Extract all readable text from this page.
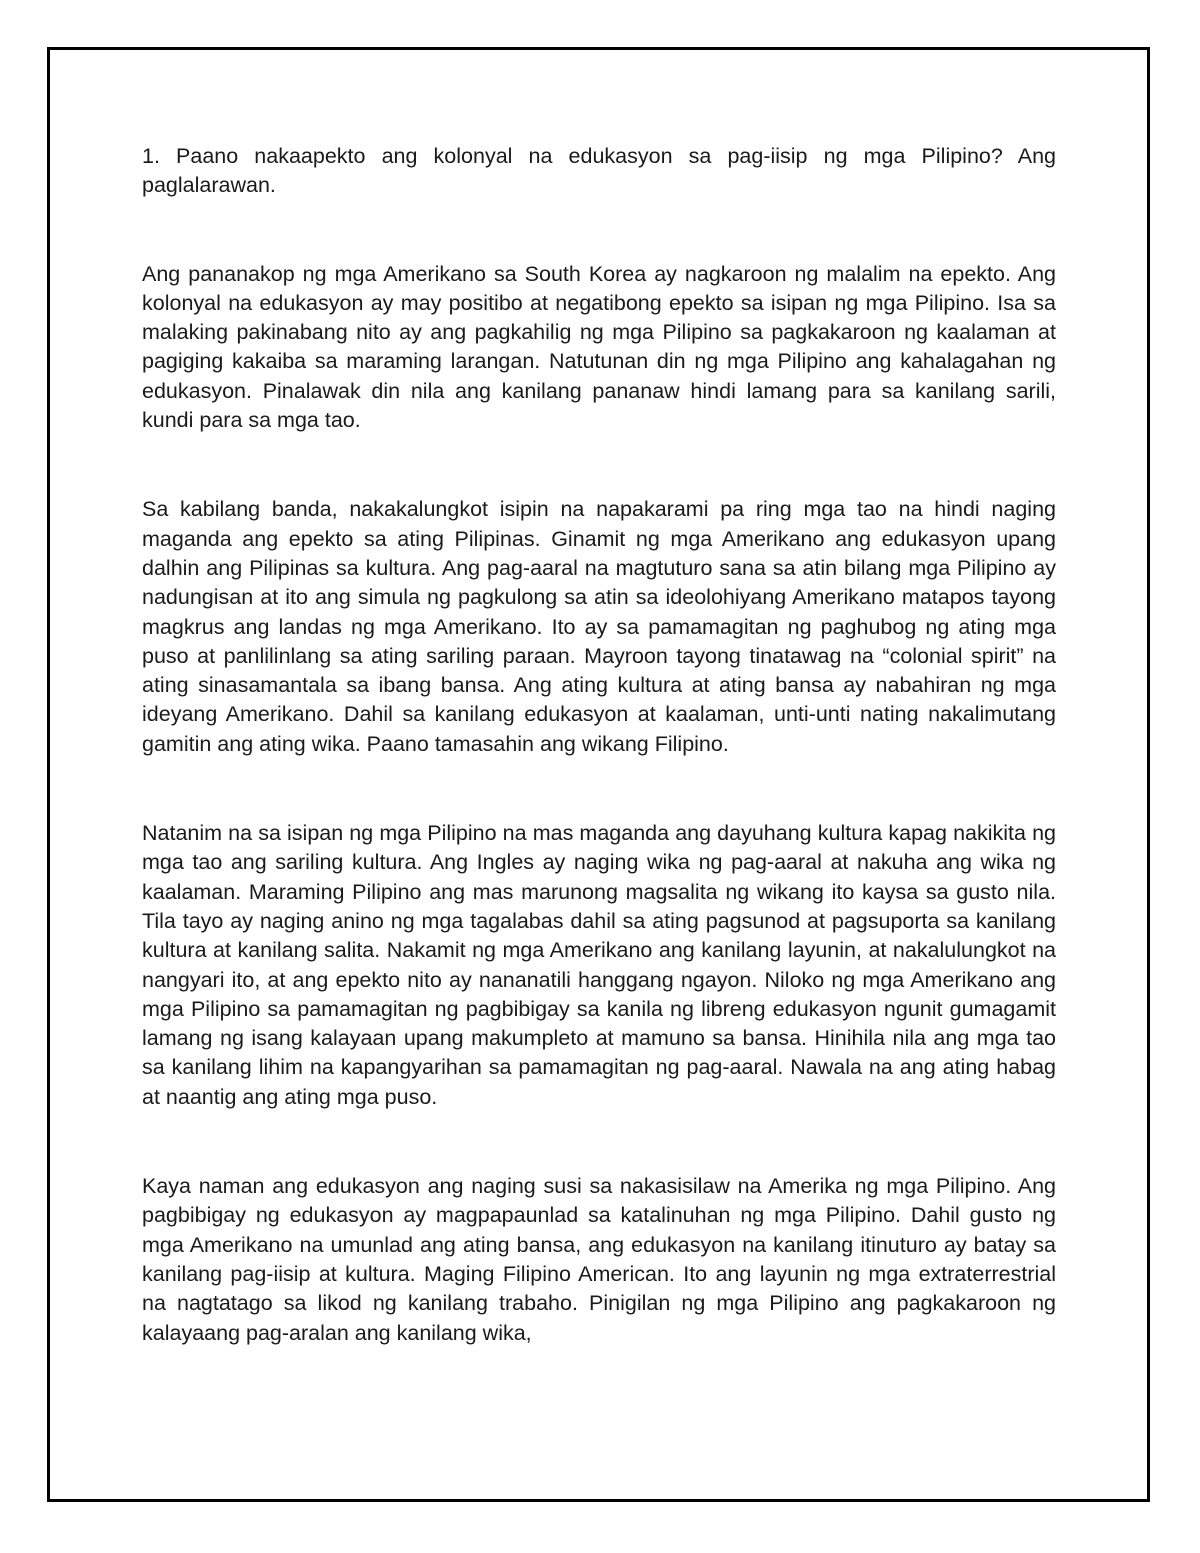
1. Paano nakaapekto ang kolonyal na edukasyon sa pag-iisip ng mga Pilipino? Ang paglalarawan.

Ang pananakop ng mga Amerikano sa South Korea ay nagkaroon ng malalim na epekto. Ang kolonyal na edukasyon ay may positibo at negatibong epekto sa isipan ng mga Pilipino. Isa sa malaking pakinabang nito ay ang pagkahilig ng mga Pilipino sa pagkakaroon ng kaalaman at pagiging kakaiba sa maraming larangan. Natutunan din ng mga Pilipino ang kahalagahan ng edukasyon. Pinalawak din nila ang kanilang pananaw hindi lamang para sa kanilang sarili, kundi para sa mga tao.

Sa kabilang banda, nakakalungkot isipin na napakarami pa ring mga tao na hindi naging maganda ang epekto sa ating Pilipinas. Ginamit ng mga Amerikano ang edukasyon upang dalhin ang Pilipinas sa kultura. Ang pag-aaral na magtuturo sana sa atin bilang mga Pilipino ay nadungisan at ito ang simula ng pagkulong sa atin sa ideolohiyang Amerikano matapos tayong magkrus ang landas ng mga Amerikano. Ito ay sa pamamagitan ng paghubog ng ating mga puso at panlilinlang sa ating sariling paraan. Mayroon tayong tinatawag na “colonial spirit” na ating sinasamantala sa ibang bansa. Ang ating kultura at ating bansa ay nabahiran ng mga ideyang Amerikano. Dahil sa kanilang edukasyon at kaalaman, unti-unti nating nakalimutang gamitin ang ating wika. Paano tamasahin ang wikang Filipino.

Natanim na sa isipan ng mga Pilipino na mas maganda ang dayuhang kultura kapag nakikita ng mga tao ang sariling kultura. Ang Ingles ay naging wika ng pag-aaral at nakuha ang wika ng kaalaman. Maraming Pilipino ang mas marunong magsalita ng wikang ito kaysa sa gusto nila. Tila tayo ay naging anino ng mga tagalabas dahil sa ating pagsunod at pagsuporta sa kanilang kultura at kanilang salita. Nakamit ng mga Amerikano ang kanilang layunin, at nakalulungkot na nangyari ito, at ang epekto nito ay nananatili hanggang ngayon. Niloko ng mga Amerikano ang mga Pilipino sa pamamagitan ng pagbibigay sa kanila ng libreng edukasyon ngunit gumagamit lamang ng isang kalayaan upang makumpleto at mamuno sa bansa. Hinihila nila ang mga tao sa kanilang lihim na kapangyarihan sa pamamagitan ng pag-aaral. Nawala na ang ating habag at naantig ang ating mga puso.

Kaya naman ang edukasyon ang naging susi sa nakasisilaw na Amerika ng mga Pilipino. Ang pagbibigay ng edukasyon ay magpapaunlad sa katalinuhan ng mga Pilipino. Dahil gusto ng mga Amerikano na umunlad ang ating bansa, ang edukasyon na kanilang itinuturo ay batay sa kanilang pag-iisip at kultura. Maging Filipino American. Ito ang layunin ng mga extraterrestrial na nagtatago sa likod ng kanilang trabaho. Pinigilan ng mga Pilipino ang pagkakaroon ng kalayaang pag-aralan ang kanilang wika,
